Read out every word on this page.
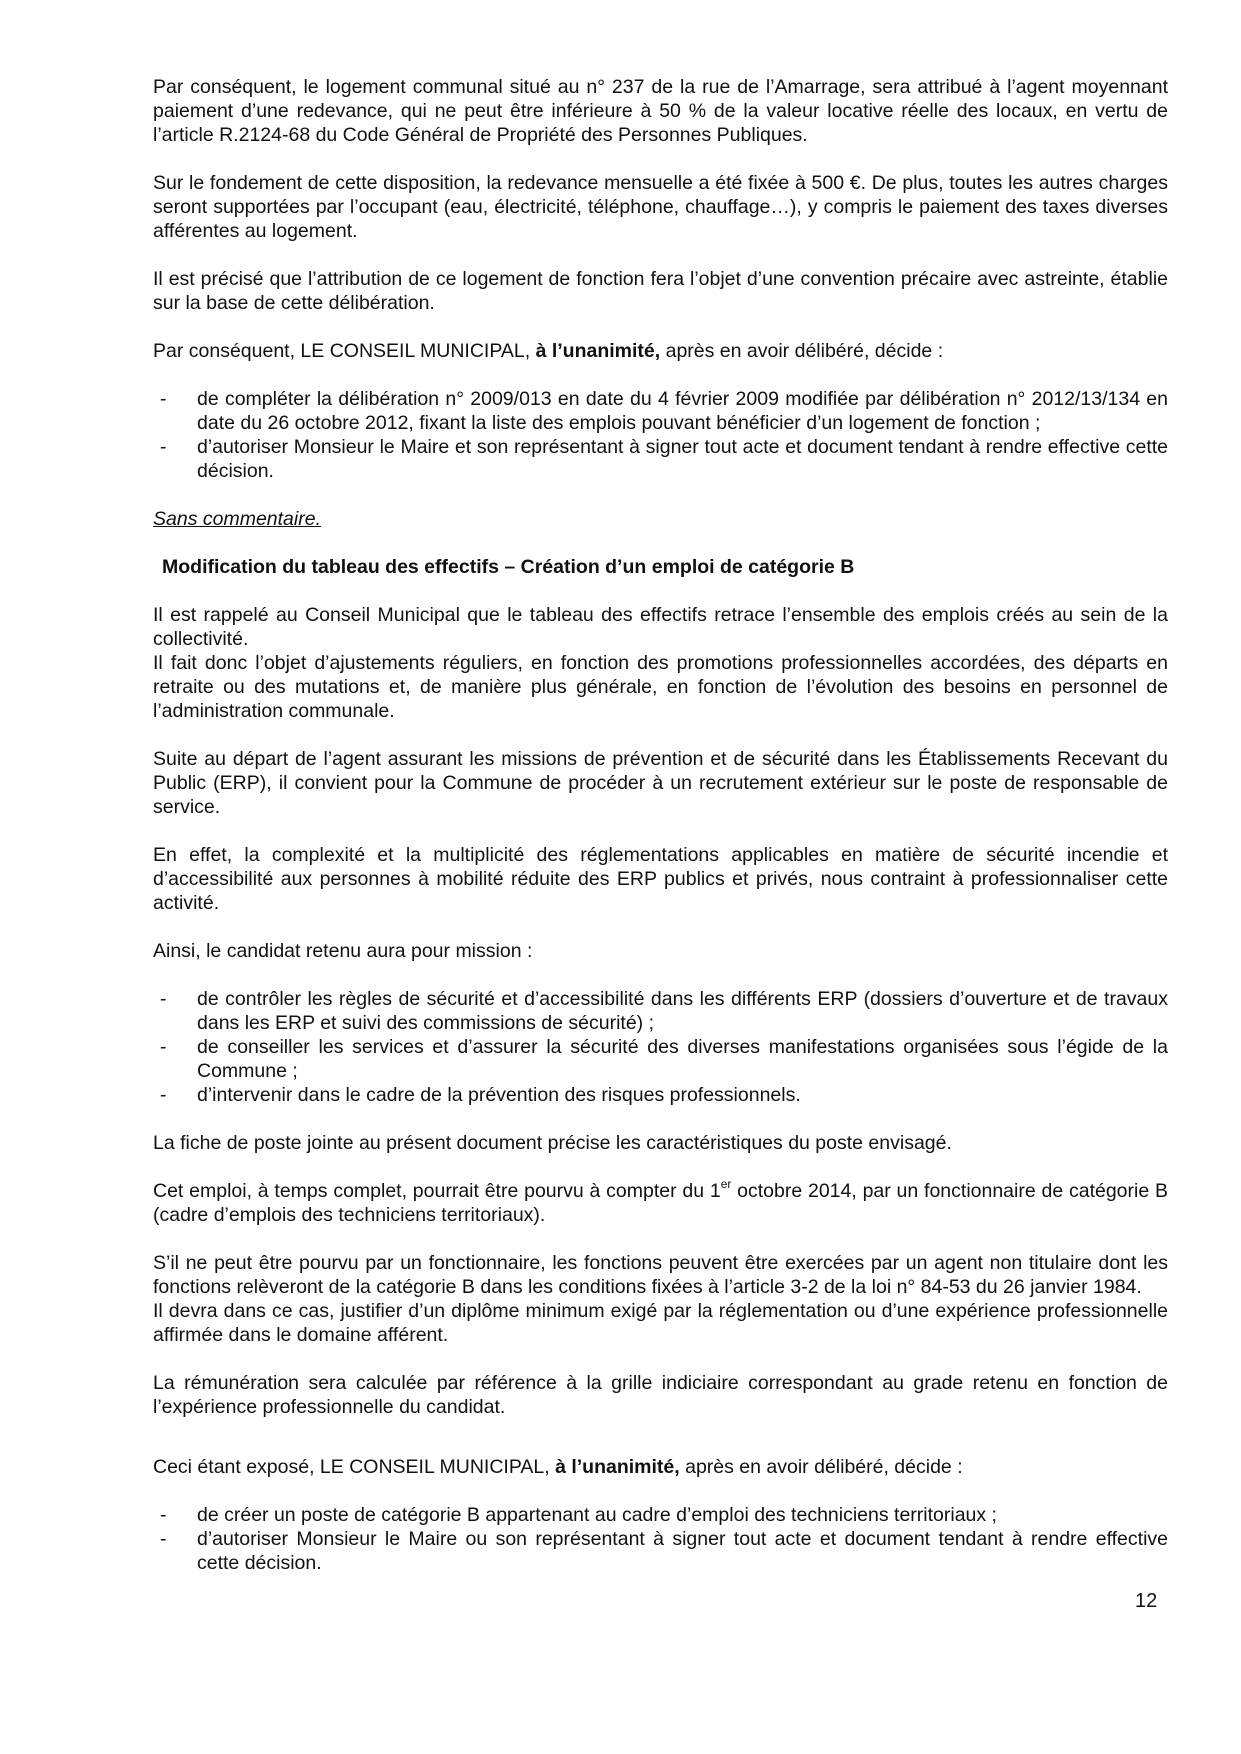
Par conséquent, le logement communal situé au n° 237 de la rue de l’Amarrage, sera attribué à l’agent moyennant paiement d’une redevance, qui ne peut être inférieure à 50 % de la valeur locative réelle des locaux, en vertu de l’article R.2124-68 du Code Général de Propriété des Personnes Publiques.

Sur le fondement de cette disposition, la redevance mensuelle a été fixée à 500 €. De plus, toutes les autres charges seront supportées par l’occupant (eau, électricité, téléphone, chauffage…), y compris le paiement des taxes diverses afférentes au logement.

Il est précisé que l’attribution de ce logement de fonction fera l’objet d’une convention précaire avec astreinte, établie sur la base de cette délibération.

Par conséquent, LE CONSEIL MUNICIPAL, à l’unanimité, après en avoir délibéré, décide :

- de compléter la délibération n° 2009/013 en date du 4 février 2009 modifiée par délibération n° 2012/13/134 en date du 26 octobre 2012, fixant la liste des emplois pouvant bénéficier d’un logement de fonction ;
- d’autoriser Monsieur le Maire et son représentant à signer tout acte et document tendant à rendre effective cette décision.

Sans commentaire.

Modification du tableau des effectifs – Création d’un emploi de catégorie B

Il est rappelé au Conseil Municipal que le tableau des effectifs retrace l’ensemble des emplois créés au sein de la collectivité.

Il fait donc l’objet d’ajustements réguliers, en fonction des promotions professionnelles accordées, des départs en retraite ou des mutations et, de manière plus générale, en fonction de l’évolution des besoins en personnel de l’administration communale.

Suite au départ de l’agent assurant les missions de prévention et de sécurité dans les Établissements Recevant du Public (ERP), il convient pour la Commune de procéder à un recrutement extérieur sur le poste de responsable de service.

En effet, la complexité et la multiplicité des réglementations applicables en matière de sécurité incendie et d’accessibilité aux personnes à mobilité réduite des ERP publics et privés, nous contraint à professionnaliser cette activité.

Ainsi, le candidat retenu aura pour mission :

- de contrôler les règles de sécurité et d’accessibilité dans les différents ERP (dossiers d’ouverture et de travaux dans les ERP et suivi des commissions de sécurité) ;
- de conseiller les services et d’assurer la sécurité des diverses manifestations organisées sous l’égide de la Commune ;
- d’intervenir dans le cadre de la prévention des risques professionnels.

La fiche de poste jointe au présent document précise les caractéristiques du poste envisagé.

Cet emploi, à temps complet, pourrait être pourvu à compter du 1er octobre 2014, par un fonctionnaire de catégorie B (cadre d’emplois des techniciens territoriaux).

S’il ne peut être pourvu par un fonctionnaire, les fonctions peuvent être exercées par un agent non titulaire dont les fonctions relèveront de la catégorie B dans les conditions fixées à l’article 3-2 de la loi n° 84-53 du 26 janvier 1984.

Il devra dans ce cas, justifier d’un diplôme minimum exigé par la réglementation ou d’une expérience professionnelle affirmée dans le domaine afférent.

La rémunération sera calculée par référence à la grille indiciaire correspondant au grade retenu en fonction de l’expérience professionnelle du candidat.

Ceci étant exposé, LE CONSEIL MUNICIPAL, à l’unanimité, après en avoir délibéré, décide :

- de créer un poste de catégorie B appartenant au cadre d’emploi des techniciens territoriaux ;
- d’autoriser Monsieur le Maire ou son représentant à signer tout acte et document tendant à rendre effective cette décision.
12
